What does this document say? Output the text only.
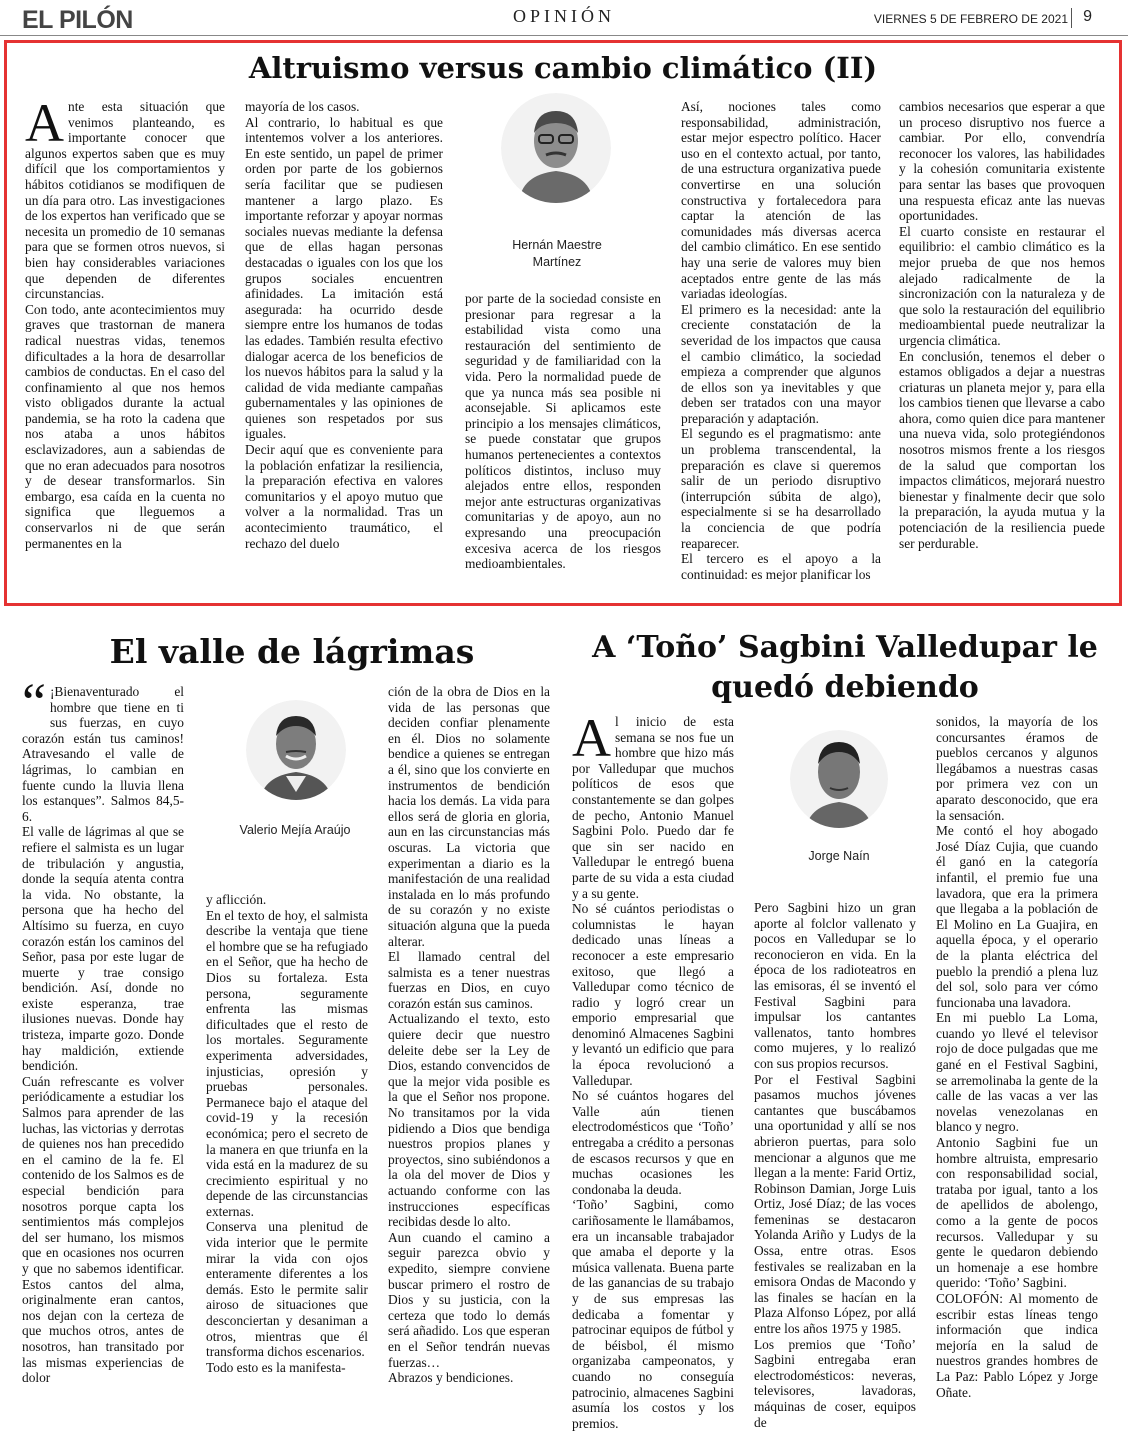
EL PILÓN	OPINIÓN	VIERNES 5 DE FEBRERO DE 2021 9
Altruismo versus cambio climático (II)
A nte esta situación que venimos planteando, es importante conocer que algunos expertos saben que es muy difícil que los comportamientos y hábitos cotidianos se modifiquen de un día para otro. Las investigaciones de los expertos han verificado que se necesita un promedio de 10 semanas para que se formen otros nuevos, si bien hay considerables variaciones que dependen de diferentes circunstancias.

Con todo, ante acontecimientos muy graves que trastornan de manera radical nuestras vidas, tenemos dificultades a la hora de desarrollar cambios de conductas. En el caso del confinamiento al que nos hemos visto obligados durante la actual pandemia, se ha roto la cadena que nos ataba a unos hábitos esclavizadores, aun a sabiendas de que no eran adecuados para nosotros y de desear transformarlos. Sin embargo, esa caída en la cuenta no significa que lleguemos a conservarlos ni de que serán permanentes en la

mayoría de los casos.

Al contrario, lo habitual es que intentemos volver a los anteriores. En este sentido, un papel de primer orden por parte de los gobiernos sería facilitar que se pudiesen mantener a largo plazo. Es importante reforzar y apoyar normas sociales nuevas mediante la defensa que de ellas hagan personas destacadas o iguales con los que los grupos sociales encuentren afinidades. La imitación está asegurada: ha ocurrido desde siempre entre los humanos de todas las edades. También resulta efectivo dialogar acerca de los beneficios de los nuevos hábitos para la salud y la calidad de vida mediante campañas gubernamentales y las opiniones de quienes son respetados por sus iguales.

Decir aquí que es conveniente para la población enfatizar la resiliencia, la preparación efectiva en valores comunitarios y el apoyo mutuo que volver a la normalidad. Tras un acontecimiento traumático, el rechazo del duelo

Hernán Maestre
Martínez

por parte de la sociedad consiste en presionar para regresar a la estabilidad vista como una restauración del sentimiento de seguridad y de familiaridad con la vida. Pero la normalidad puede de que ya nunca más sea posible ni aconsejable. Si aplicamos este principio a los mensajes climáticos, se puede constatar que grupos humanos pertenecientes a contextos políticos distintos, incluso muy alejados entre ellos, responden mejor ante estructuras organizativas comunitarias y de apoyo, aun no expresando una preocupación excesiva acerca de los riesgos medioambientales.

Así, nociones tales como responsabilidad, administración, estar mejor espectro político. Hacer uso en el contexto actual, por tanto, de una estructura organizativa puede convertirse en una solución constructiva y fortalecedora para captar la atención de las comunidades más diversas acerca del cambio climático. En ese sentido hay una serie de valores muy bien aceptados entre gente de las más variadas ideologías.

El primero es la necesidad: ante la creciente constatación de la severidad de los impactos que causa el cambio climático, la sociedad empieza a comprender que algunos de ellos son ya inevitables y que deben ser tratados con una mayor preparación y adaptación.

El segundo es el pragmatismo: ante un problema transcendental, la preparación es clave si queremos salir de un periodo disruptivo (interrupción súbita de algo), especialmente si se ha desarrollado la conciencia de que podría reaparecer.

El tercero es el apoyo a la continuidad: es mejor planificar los

cambios necesarios que esperar a que un proceso disruptivo nos fuerce a cambiar. Por ello, convendría reconocer los valores, las habilidades y la cohesión comunitaria existente para sentar las bases que provoquen una respuesta eficaz ante las nuevas oportunidades.

El cuarto consiste en restaurar el equilibrio: el cambio climático es la mejor prueba de que nos hemos alejado radicalmente de la sincronización con la naturaleza y de que solo la restauración del equilibrio medioambiental puede neutralizar la urgencia climática.

En conclusión, tenemos el deber o estamos obligados a dejar a nuestras criaturas un planeta mejor y, para ella los cambios tienen que llevarse a cabo ahora, como quien dice para mantener una nueva vida, solo protegiéndonos nosotros mismos frente a los riesgos de la salud que comportan los impactos climáticos, mejorará nuestro bienestar y finalmente decir que solo la preparación, la ayuda mutua y la potenciación de la resiliencia puede ser perdurable.

El valle de lágrimas
“ ¡Bienaventurado el hombre que tiene en ti sus fuerzas, en cuyo corazón están tus caminos! Atravesando el valle de lágrimas, lo cambian en fuente cundo la lluvia llena los estanques”. Salmos 84,5-6.

El valle de lágrimas al que se refiere el salmista es un lugar de tribulación y angustia, donde la sequía atenta contra la vida. No obstante, la persona que ha hecho del Altísimo su fuerza, en cuyo corazón están los caminos del Señor, pasa por este lugar de muerte y trae consigo bendición. Así, donde no existe esperanza, trae ilusiones nuevas. Donde hay tristeza, imparte gozo. Donde hay maldición, extiende bendición.

Cuán refrescante es volver periódicamente a estudiar los Salmos para aprender de las luchas, las victorias y derrotas de quienes nos han precedido en el camino de la fe. El contenido de los Salmos es de especial bendición para nosotros porque capta los sentimientos más complejos del ser humano, los mismos que en ocasiones nos ocurren y que no sabemos identificar. Estos cantos del alma, originalmente eran cantos, nos dejan con la certeza de que muchos otros, antes de nosotros, han transitado por las mismas experiencias de dolor

Valerio Mejía Araújo

y aflicción.

En el texto de hoy, el salmista describe la ventaja que tiene el hombre que se ha refugiado en el Señor, que ha hecho de Dios su fortaleza. Esta persona, seguramente enfrenta las mismas dificultades que el resto de los mortales. Seguramente experimenta adversidades, injusticias, opresión y pruebas personales. Permanece bajo el ataque del covid-19 y la recesión económica; pero el secreto de la manera en que triunfa en la vida está en la madurez de su crecimiento espiritual y no depende de las circunstancias externas.

Conserva una plenitud de vida interior que le permite mirar la vida con ojos enteramente diferentes a los demás. Esto le permite salir airoso de situaciones que desconciertan y desaniman a otros, mientras que él transforma dichos escenarios.

Todo esto es la manifesta-

ción de la obra de Dios en la vida de las personas que deciden confiar plenamente en él. Dios no solamente bendice a quienes se entregan a él, sino que los convierte en instrumentos de bendición hacia los demás. La vida para ellos será de gloria en gloria, aun en las circunstancias más oscuras. La victoria que experimentan a diario es la manifestación de una realidad instalada en lo más profundo de su corazón y no existe situación alguna que la pueda alterar.

El llamado central del salmista es a tener nuestras fuerzas en Dios, en cuyo corazón están sus caminos.

Actualizando el texto, esto quiere decir que nuestro deleite debe ser la Ley de Dios, estando convencidos de que la mejor vida posible es la que el Señor nos propone. No transitamos por la vida pidiendo a Dios que bendiga nuestros propios planes y proyectos, sino subiéndonos a la ola del mover de Dios y actuando conforme con las instrucciones específicas recibidas desde lo alto.

Aun cuando el camino a seguir parezca obvio y expedito, siempre conviene buscar primero el rostro de Dios y su justicia, con la certeza que todo lo demás será añadido. Los que esperan en el Señor tendrán nuevas fuerzas…

Abrazos y bendiciones.

A ‘Toño’ Sagbini Valledupar le quedó debiendo
A l inicio de esta semana se nos fue un hombre que hizo más por Valledupar que muchos políticos de esos que constantemente se dan golpes de pecho, Antonio Manuel Sagbini Polo. Puedo dar fe que sin ser nacido en Valledupar le entregó buena parte de su vida a esta ciudad y a su gente.

No sé cuántos periodistas o columnistas le hayan dedicado unas líneas a reconocer a este empresario exitoso, que llegó a Valledupar como técnico de radio y logró crear un emporio empresarial que denominó Almacenes Sagbini y levantó un edificio que para la época revolucionó a Valledupar.

No sé cuántos hogares del Valle aún tienen electrodomésticos que ‘Toño’ entregaba a crédito a personas de escasos recursos y que en muchas ocasiones les condonaba la deuda.

‘Toño’ Sagbini, como cariñosamente le llamábamos, era un incansable trabajador que amaba el deporte y la música vallenata. Buena parte de las ganancias de su trabajo y de sus empresas las dedicaba a fomentar y patrocinar equipos de fútbol y de béisbol, él mismo organizaba campeonatos, y cuando no conseguía patrocinio, almacenes Sagbini asumía los costos y los premios.

Jorge Naín

Pero Sagbini hizo un gran aporte al folclor vallenato y pocos en Valledupar se lo reconocieron en vida. En la época de los radioteatros en las emisoras, él se inventó el Festival Sagbini para impulsar los cantantes vallenatos, tanto hombres como mujeres, y lo realizó con sus propios recursos.

Por el Festival Sagbini pasamos muchos jóvenes cantantes que buscábamos una oportunidad y allí se nos abrieron puertas, para solo mencionar a algunos que me llegan a la mente: Farid Ortiz, Robinson Damian, Jorge Luis Ortiz, José Díaz; de las voces femeninas se destacaron Yolanda Ariño y Ludys de la Ossa, entre otras. Esos festivales se realizaban en la emisora Ondas de Macondo y las finales se hacían en la Plaza Alfonso López, por allá entre los años 1975 y 1985.

Los premios que ‘Toño’ Sagbini entregaba eran electrodomésticos: neveras, televisores, lavadoras, máquinas de coser, equipos de

sonidos, la mayoría de los concursantes éramos de pueblos cercanos y algunos llegábamos a nuestras casas por primera vez con un aparato desconocido, que era la sensación.

Me contó el hoy abogado José Díaz Cujia, que cuando él ganó en la categoría infantil, el premio fue una lavadora, que era la primera que llegaba a la población de El Molino en La Guajira, en aquella época, y el operario de la planta eléctrica del pueblo la prendió a plena luz del sol, solo para ver cómo funcionaba una lavadora.

En mi pueblo La Loma, cuando yo llevé el televisor rojo de doce pulgadas que me gané en el Festival Sagbini, se arremolinaba la gente de la calle de las vacas a ver las novelas venezolanas en blanco y negro.

Antonio Sagbini fue un hombre altruista, empresario con responsabilidad social, trataba por igual, tanto a los de apellidos de abolengo, como a la gente de pocos recursos. Valledupar y su gente le quedaron debiendo un homenaje a ese hombre querido: ‘Toño’ Sagbini.

COLOFÓN: Al momento de escribir estas líneas tengo información que indica mejoría en la salud de nuestros grandes hombres de La Paz: Pablo López y Jorge Oñate.
